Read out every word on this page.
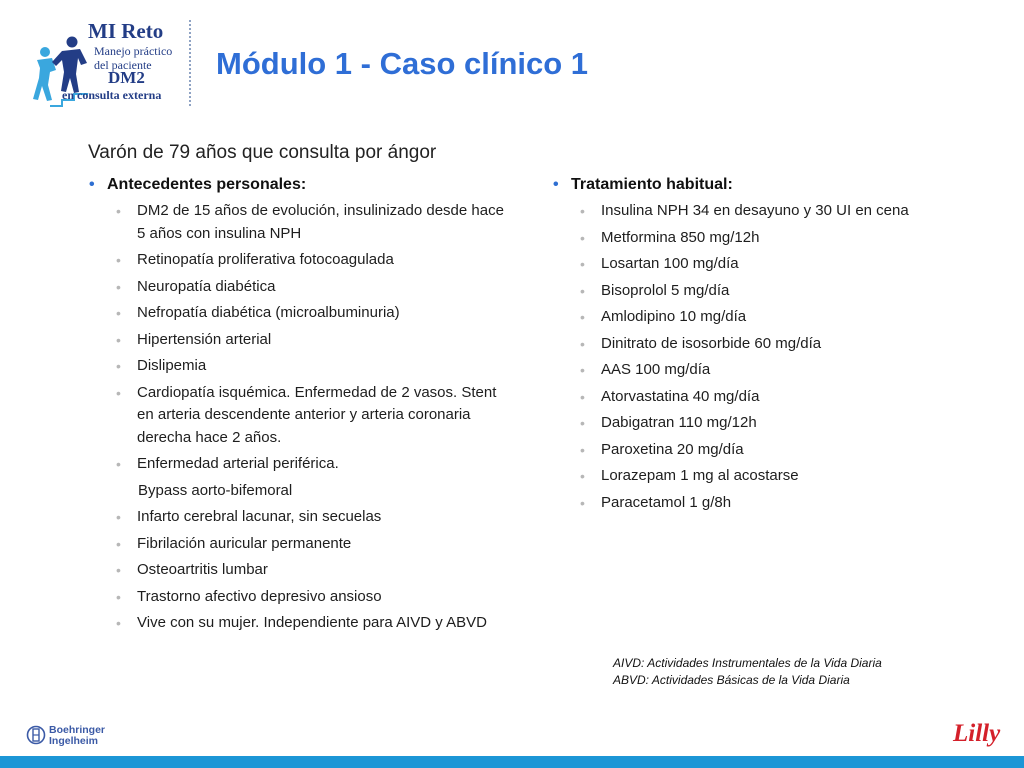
MI Reto
Manejo práctico
del paciente
DM2
en consulta externa
Módulo 1 - Caso clínico 1
Varón de 79 años que consulta por ángor
• Antecedentes personales:
• DM2 de 15 años de evolución, insulinizado desde hace 5 años con insulina NPH
• Retinopatía proliferativa fotocoagulada
• Neuropatía diabética
• Nefropatía diabética (microalbuminuria)
• Hipertensión arterial
• Dislipemia
• Cardiopatía isquémica. Enfermedad de 2 vasos. Stent en arteria descendente anterior y arteria coronaria derecha hace 2 años.
• Enfermedad arterial periférica.
Bypass aorto-bifemoral
• Infarto cerebral lacunar, sin secuelas
• Fibrilación auricular permanente
• Osteoartritis lumbar
• Trastorno afectivo depresivo ansioso
• Vive con su mujer. Independiente para AIVD y ABVD
• Tratamiento habitual:
• Insulina NPH 34 en desayuno y 30 UI en cena
• Metformina 850 mg/12h
• Losartan 100 mg/día
• Bisoprolol 5 mg/día
• Amlodipino 10 mg/día
• Dinitrato de isosorbide 60 mg/día
• AAS 100 mg/día
• Atorvastatina 40 mg/día
• Dabigatran 110 mg/12h
• Paroxetina 20 mg/día
• Lorazepam 1 mg al acostarse
• Paracetamol 1 g/8h
AIVD: Actividades Instrumentales de la Vida Diaria
ABVD: Actividades Básicas de la Vida Diaria
Boehringer
Ingelheim	Lilly
